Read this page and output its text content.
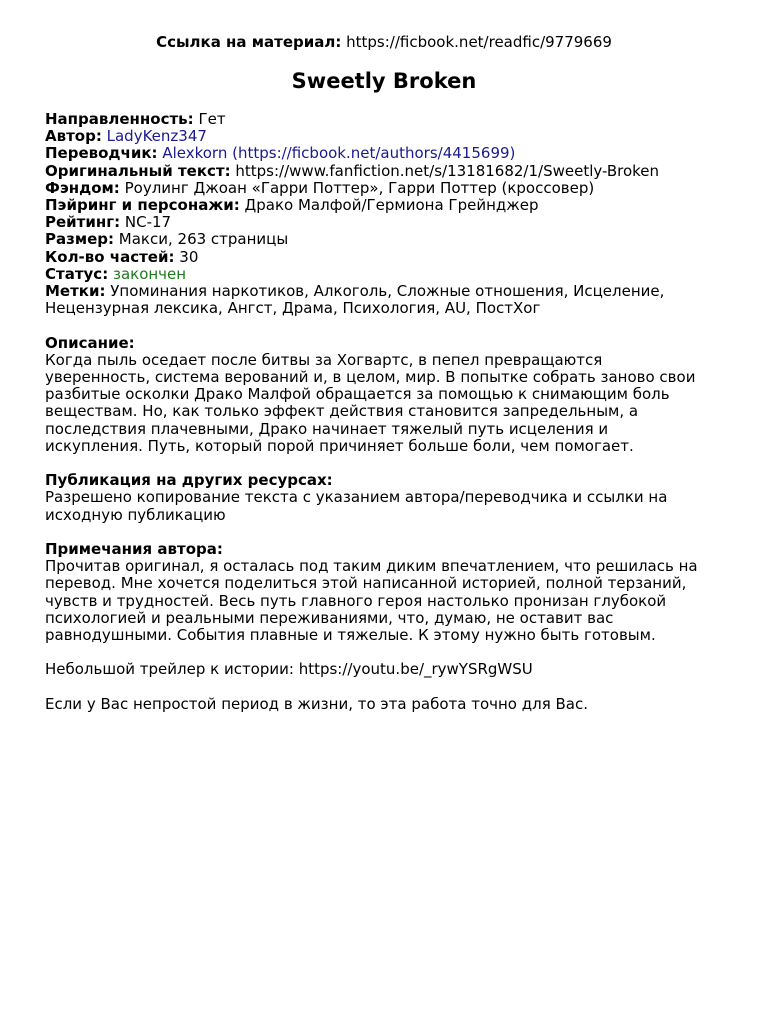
Ссылка на материал: https://ficbook.net/readfic/9779669
Sweetly Broken
Направленность: Гет
Автор: LadyKenz347
Переводчик: Alexkorn (https://ficbook.net/authors/4415699)
Оригинальный текст: https://www.fanfiction.net/s/13181682/1/Sweetly-Broken
Фэндом: Роулинг Джоан «Гарри Поттер», Гарри Поттер (кроссовер)
Пэйринг и персонажи: Драко Малфой/Гермиона Грейнджер
Рейтинг: NC-17
Размер: Макси, 263 страницы
Кол-во частей: 30
Статус: закончен
Метки: Упоминания наркотиков, Алкоголь, Сложные отношения, Исцеление,
Нецензурная лексика, Ангст, Драма, Психология, AU, ПостХог
Описание:
Когда пыль оседает после битвы за Хогвартс, в пепел превращаются
уверенность, система верований и, в целом, мир. В попытке собрать заново свои
разбитые осколки Драко Малфой обращается за помощью к снимающим боль
веществам. Но, как только эффект действия становится запредельным, а
последствия плачевными, Драко начинает тяжелый путь исцеления и
искупления. Путь, который порой причиняет больше боли, чем помогает.
Публикация на других ресурсах:
Разрешено копирование текста с указанием автора/переводчика и ссылки на
исходную публикацию
Примечания автора:
Прочитав оригинал, я осталась под таким диким впечатлением, что решилась на
перевод. Мне хочется поделиться этой написанной историей, полной терзаний,
чувств и трудностей. Весь путь главного героя настолько пронизан глубокой
психологией и реальными переживаниями, что, думаю, не оставит вас
равнодушными. События плавные и тяжелые. К этому нужно быть готовым.
Небольшой трейлер к истории: https://youtu.be/_rywYSRgWSU
Если у Вас непростой период в жизни, то эта работа точно для Вас.
